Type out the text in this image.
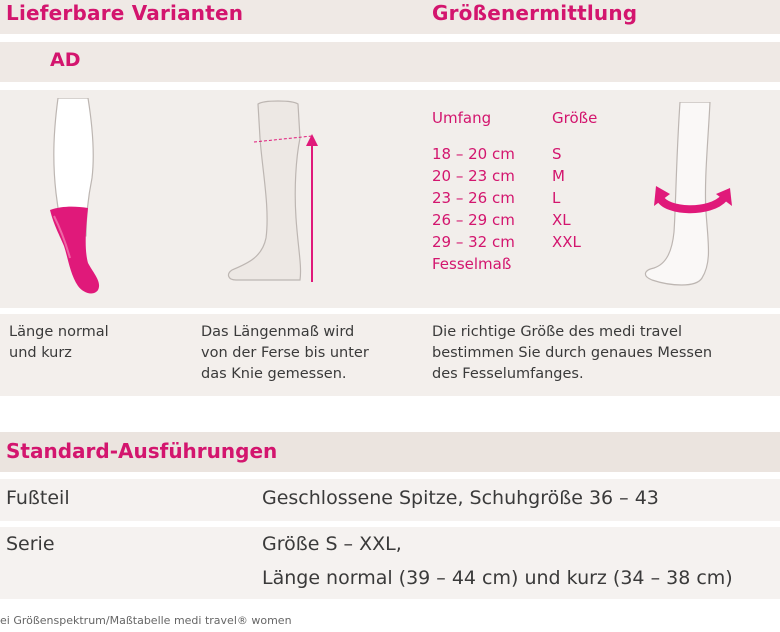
Lieferbare Varianten	Größenermittlung
AD
Umfang	Größe
18 – 20 cm S
20 – 23 cm M
23 – 26 cm L
26 – 29 cm XL
29 – 32 cm XXL
Fesselmaß
Länge normal
und kurz
Das Längenmaß wird
von der Ferse bis unter
das Knie gemessen.
Die richtige Größe des medi travel
bestimmen Sie durch genaues Messen
des Fesselumfanges.
Standard-Ausführungen
Fußteil	Geschlossene Spitze, Schuhgröße 36 – 43
Serie	Größe S – XXL,
Länge normal (39 – 44 cm) und kurz (34 – 38 cm)
ei Größenspektrum/Maßtabelle medi travel® women
